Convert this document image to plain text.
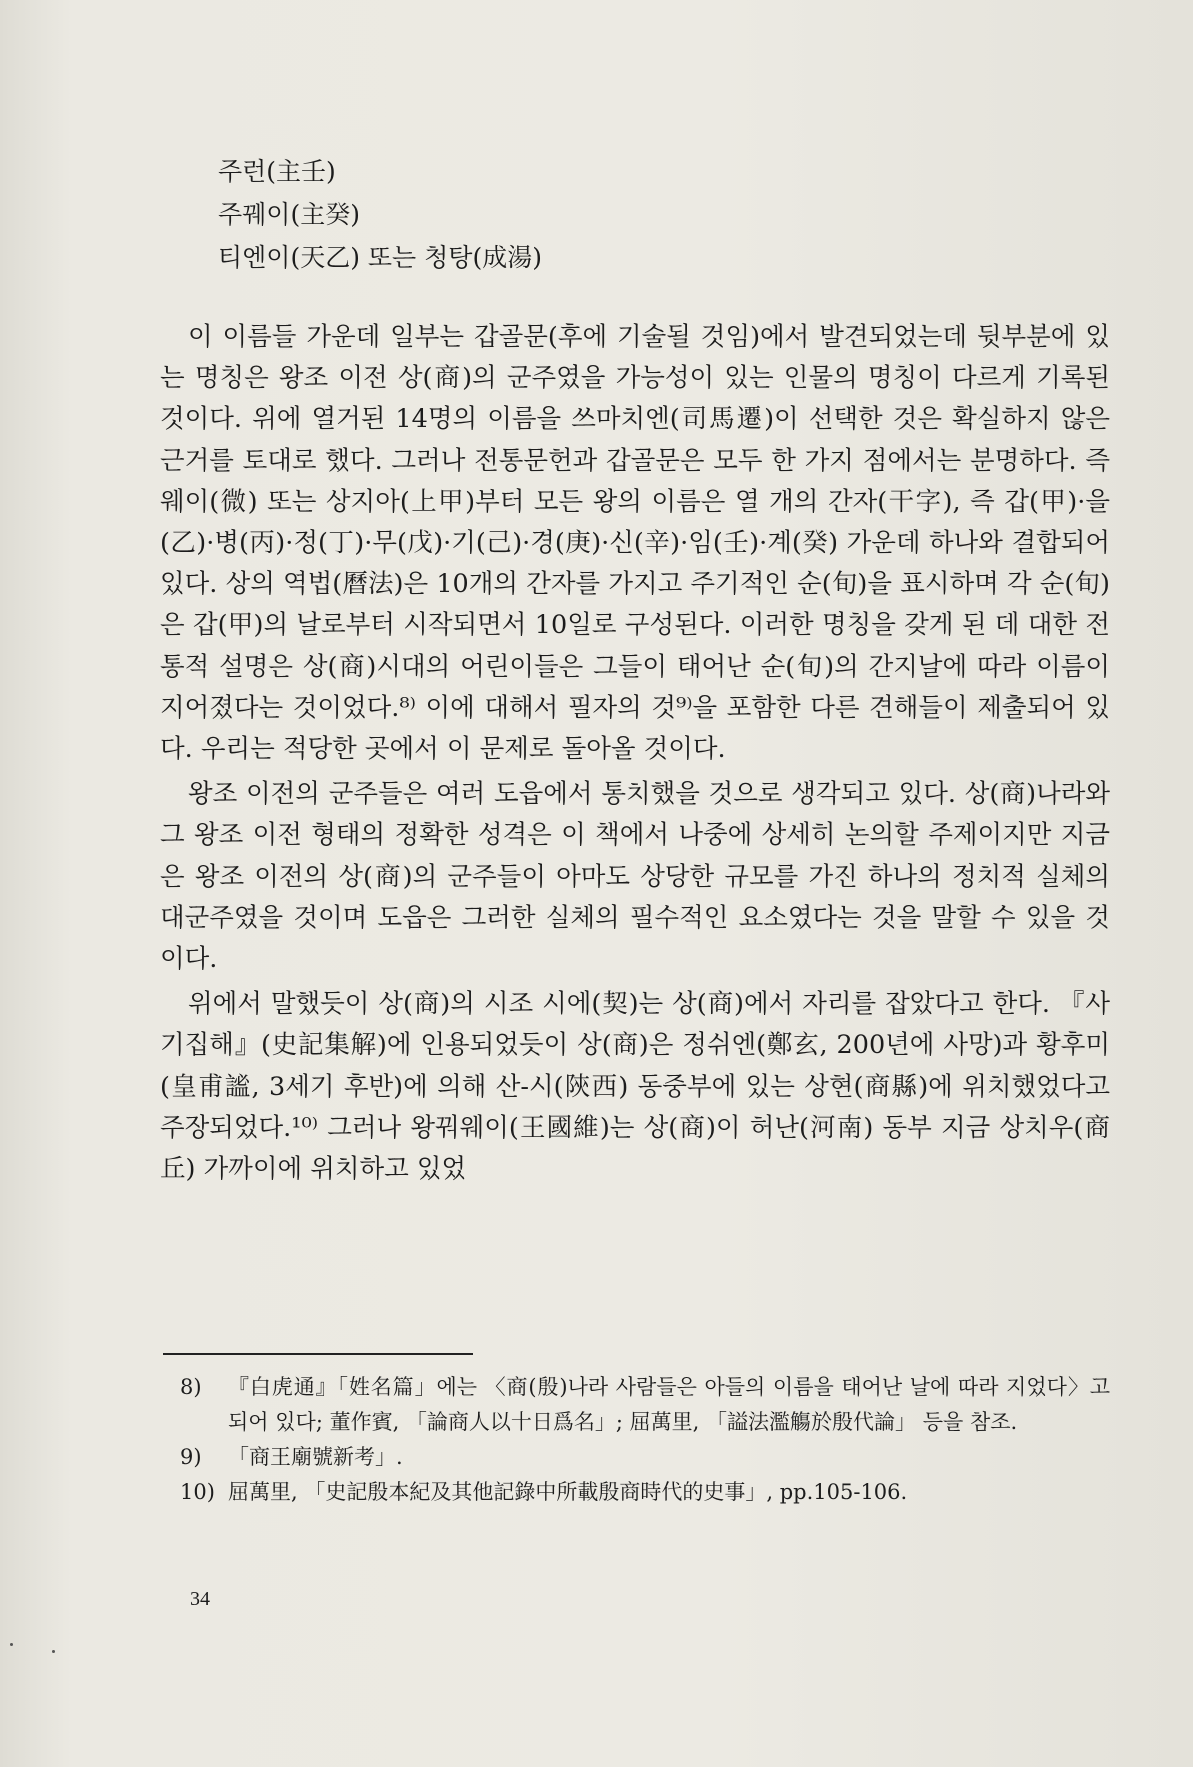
주런(主壬)
주꿰이(主癸)
티엔이(天乙) 또는 청탕(成湯)

이 이름들 가운데 일부는 갑골문(후에 기술될 것임)에서 발견되었는데 뒷부분에 있는 명칭은 왕조 이전 상(商)의 군주였을 가능성이 있는 인물의 명칭이 다르게 기록된 것이다. 위에 열거된 14명의 이름을 쓰마치엔(司馬遷)이 선택한 것은 확실하지 않은 근거를 토대로 했다. 그러나 전통문헌과 갑골문은 모두 한 가지 점에서는 분명하다. 즉 웨이(微) 또는 상지아(上甲)부터 모든 왕의 이름은 열 개의 간자(干字), 즉 갑(甲)·을(乙)·병(丙)·정(丁)·무(戊)·기(己)·경(庚)·신(辛)·임(壬)·계(癸) 가운데 하나와 결합되어 있다. 상의 역법(曆法)은 10개의 간자를 가지고 주기적인 순(旬)을 표시하며 각 순(旬)은 갑(甲)의 날로부터 시작되면서 10일로 구성된다. 이러한 명칭을 갖게 된 데 대한 전통적 설명은 상(商)시대의 어린이들은 그들이 태어난 순(旬)의 간지날에 따라 이름이 지어졌다는 것이었다.⁸⁾ 이에 대해서 필자의 것⁹⁾을 포함한 다른 견해들이 제출되어 있다. 우리는 적당한 곳에서 이 문제로 돌아올 것이다.

왕조 이전의 군주들은 여러 도읍에서 통치했을 것으로 생각되고 있다. 상(商)나라와 그 왕조 이전 형태의 정확한 성격은 이 책에서 나중에 상세히 논의할 주제이지만 지금은 왕조 이전의 상(商)의 군주들이 아마도 상당한 규모를 가진 하나의 정치적 실체의 대군주였을 것이며 도읍은 그러한 실체의 필수적인 요소였다는 것을 말할 수 있을 것이다.

위에서 말했듯이 상(商)의 시조 시에(契)는 상(商)에서 자리를 잡았다고 한다. 『사기집해』(史記集解)에 인용되었듯이 상(商)은 정쉬엔(鄭玄, 200년에 사망)과 황후미(皇甫謐, 3세기 후반)에 의해 산-시(陝西) 동중부에 있는 상현(商縣)에 위치했었다고 주장되었다.¹⁰⁾ 그러나 왕꿔웨이(王國維)는 상(商)이 허난(河南) 동부 지금 상치우(商丘) 가까이에 위치하고 있었

8)	『白虎通』「姓名篇」에는 〈商(殷)나라 사람들은 아들의 이름을 태어난 날에 따라 지었다〉고 되어 있다; 董作賓, 「論商人以十日爲名」; 屈萬里, 「謚法濫觴於殷代論」 등을 참조.
9)	「商王廟號新考」.
10) 屈萬里, 「史記殷本紀及其他記錄中所載殷商時代的史事」, pp.105-106.
34
